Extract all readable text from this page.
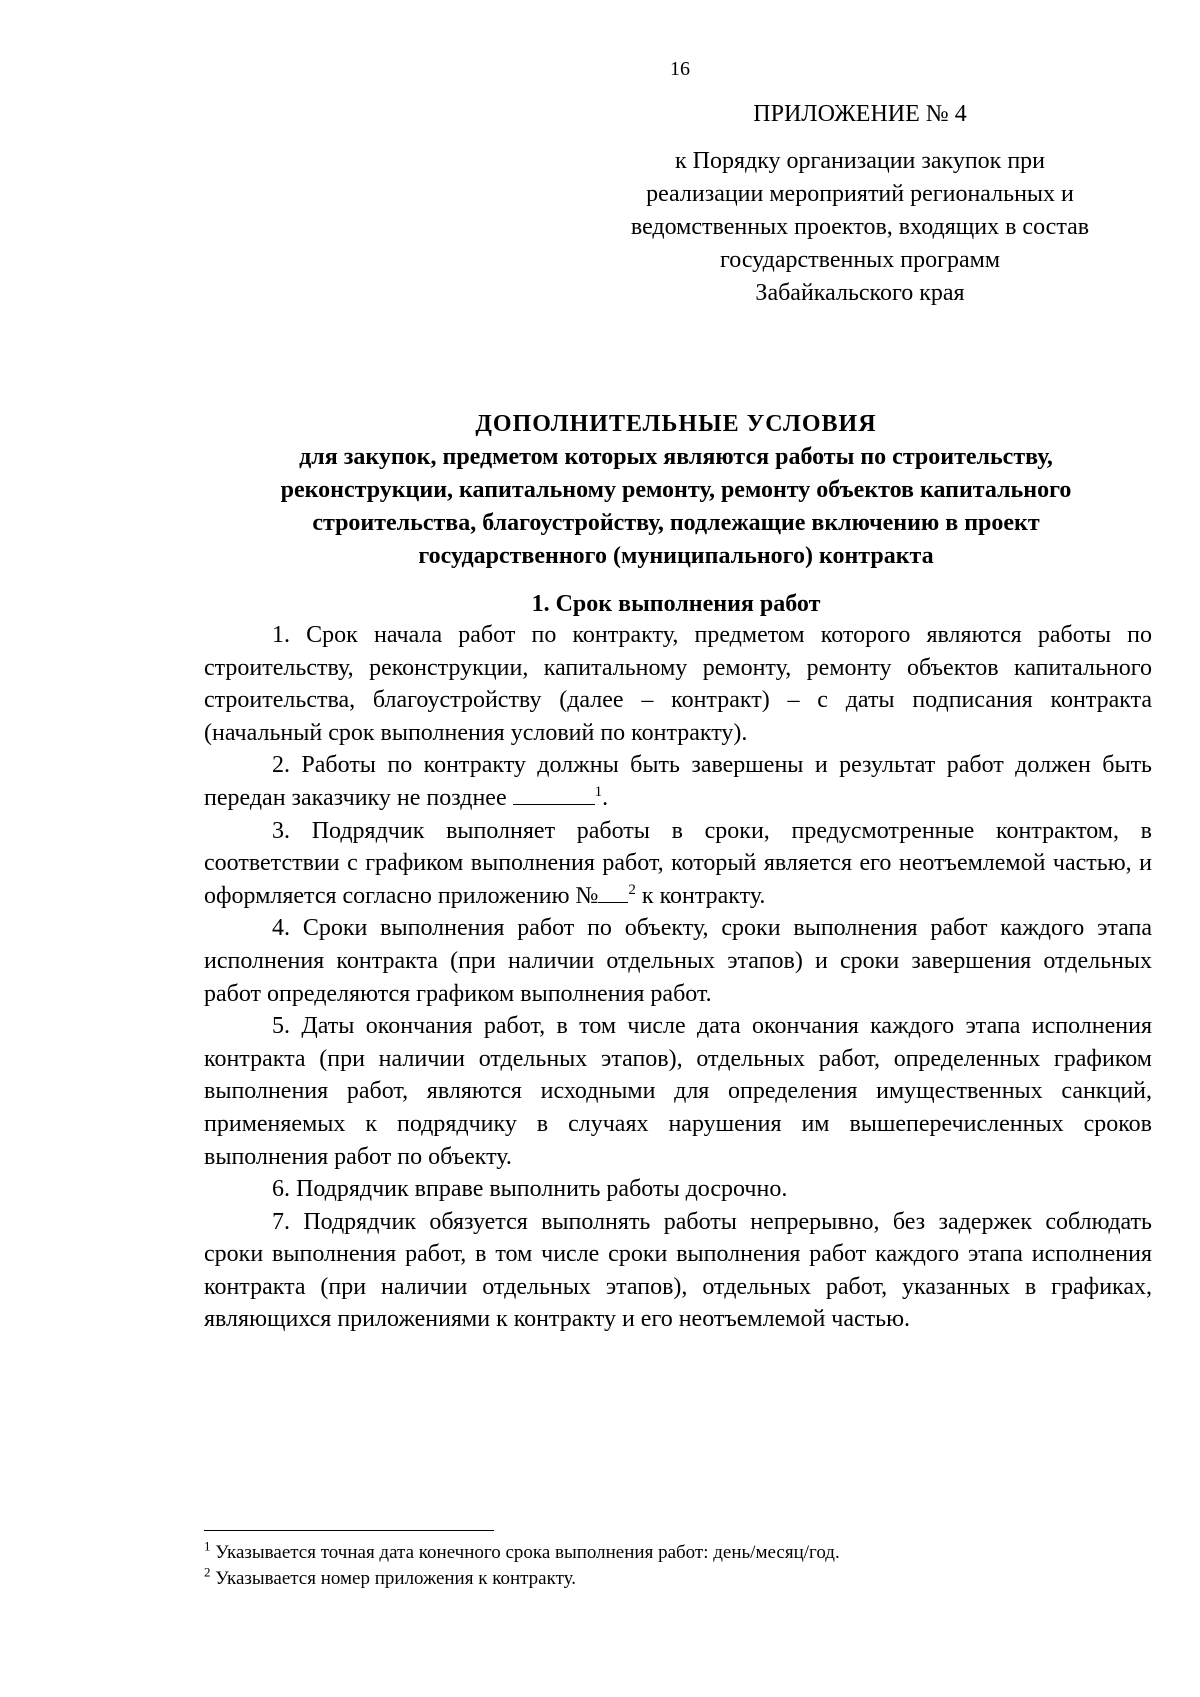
16

ПРИЛОЖЕНИЕ № 4

к Порядку организации закупок при

реализации мероприятий региональных и

ведомственных проектов, входящих в состав

государственных программ

Забайкальского края

ДОПОЛНИТЕЛЬНЫЕ УСЛОВИЯ

для закупок, предметом которых являются работы по строительству,

реконструкции, капитальному ремонту, ремонту объектов капитального

строительства, благоустройству, подлежащие включению в проект

государственного (муниципального) контракта

1. Срок выполнения работ

1. Срок начала работ по контракту, предметом которого являются работы по строительству, реконструкции, капитальному ремонту, ремонту объектов капитального строительства, благоустройству (далее – контракт) – с даты подписания контракта (начальный срок выполнения условий по контракту).

2. Работы по контракту должны быть завершены и результат работ должен быть передан заказчику не позднее	$^1$.

3. Подрядчик выполняет работы в сроки, предусмотренные контрактом, в соответствии с графиком выполнения работ, который является его неотъемлемой частью, и оформляется согласно приложению № $^2$ к контракту.

4. Сроки выполнения работ по объекту, сроки выполнения работ каждого этапа исполнения контракта (при наличии отдельных этапов) и сроки завершения отдельных работ определяются графиком выполнения работ.

5. Даты окончания работ, в том числе дата окончания каждого этапа исполнения контракта (при наличии отдельных этапов), отдельных работ, определенных графиком выполнения работ, являются исходными для определения имущественных санкций, применяемых к подрядчику в случаях нарушения им вышеперечисленных сроков выполнения работ по объекту.

6. Подрядчик вправе выполнить работы досрочно.

7. Подрядчик обязуется выполнять работы непрерывно, без задержек соблюдать сроки выполнения работ, в том числе сроки выполнения работ каждого этапа исполнения контракта (при наличии отдельных этапов), отдельных работ, указанных в графиках, являющихся приложениями к контракту и его неотъемлемой частью.

$^1$ Указывается точная дата конечного срока выполнения работ: день/месяц/год.

$^2$ Указывается номер приложения к контракту.
